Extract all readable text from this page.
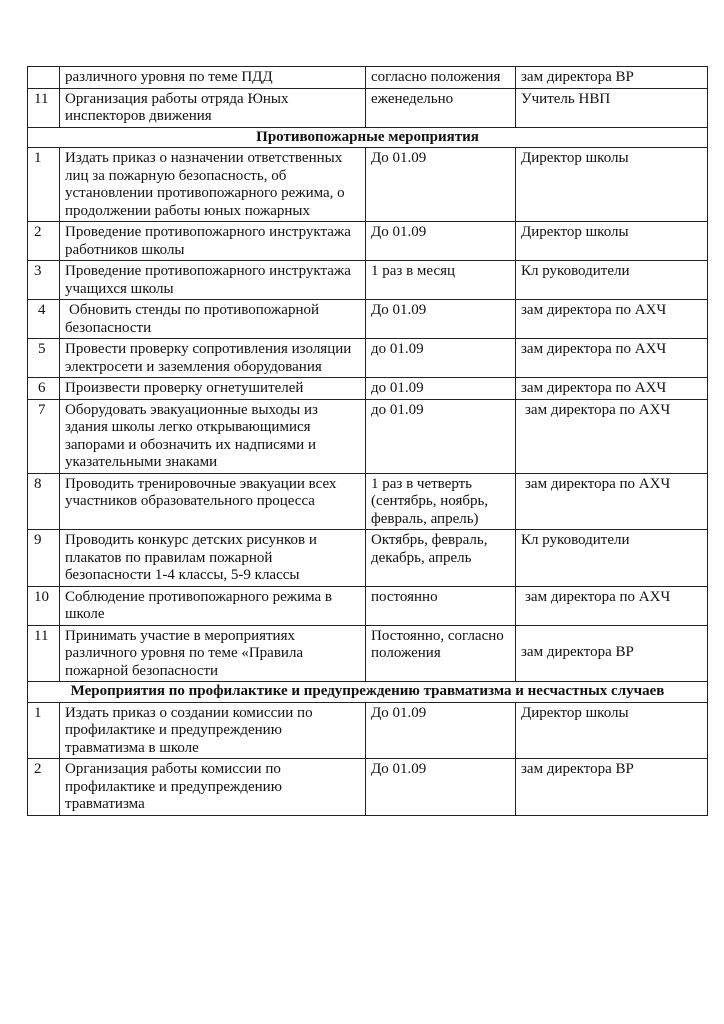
	различного уровня по теме ПДД	согласно положения	зам директора ВР
11	Организация работы отряда Юных инспекторов движения	еженедельно	Учитель НВП
Противопожарные мероприятия			
1	Издать приказ о назначении ответственных лиц за пожарную безопасность, об установлении противопожарного режима, о продолжении работы юных пожарных	До 01.09	Директор школы
2	Проведение противопожарного инструктажа работников школы	До 01.09	Директор школы
3	Проведение противопожарного инструктажа учащихся школы	1 раз в месяц	Кл руководители
4	Обновить стенды по противопожарной безопасности	До 01.09	зам директора по АХЧ
5	Провести проверку сопротивления изоляции электросети и заземления оборудования	до 01.09	зам директора по АХЧ
6	Произвести проверку огнетушителей	до 01.09	зам директора по АХЧ
7	Оборудовать эвакуационные выходы из здания школы легко открывающимися запорами и обозначить их надписями и указательными знаками	до 01.09	зам директора по АХЧ
8	Проводить тренировочные эвакуации всех участников образовательного процесса	1 раз в четверть (сентябрь, ноябрь, февраль, апрель)	зам директора по АХЧ
9	Проводить конкурс детских рисунков и плакатов по правилам пожарной безопасности 1-4 классы, 5-9 классы	Октябрь, февраль, декабрь, апрель	Кл руководители
10	Соблюдение противопожарного режима в школе	постоянно	зам директора по АХЧ
11	Принимать участие в мероприятиях различного уровня по теме «Правила пожарной безопасности	Постоянно, согласно положения	зам директора ВР

Мероприятия по профилактике и предупреждению травматизма и несчастных случаев			
1	Издать приказ о создании комиссии по профилактике и предупреждению травматизма в школе	До 01.09	Директор школы
2	Организация работы комиссии по профилактике и предупреждению травматизма	До 01.09	зам директора ВР
